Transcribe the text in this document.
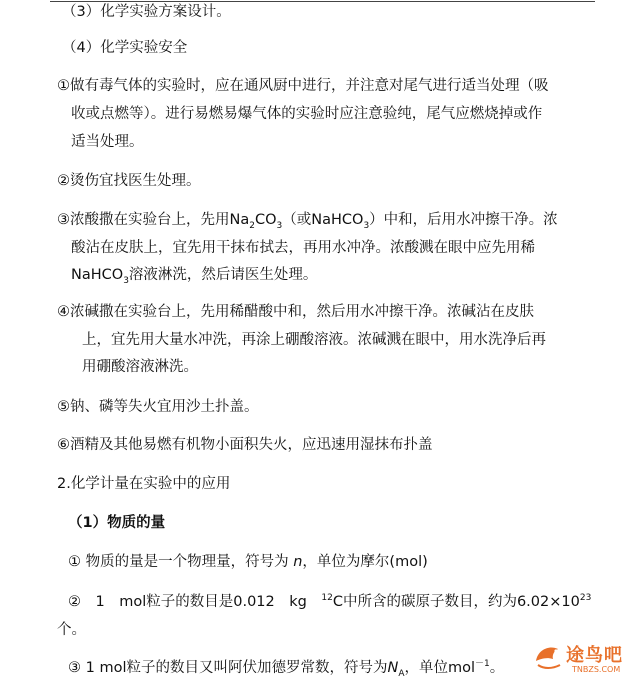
（3）化学实验方案设计。
（4）化学实验安全
①做有毒气体的实验时，应在通风厨中进行，并注意对尾气进行适当处理（吸
收或点燃等）。进行易燃易爆气体的实验时应注意验纯，尾气应燃烧掉或作
适当处理。
②烫伤宜找医生处理。
③浓酸撒在实验台上，先用$Na_2CO_3$（或NaHCO$_3$）中和，后用水冲擦干净。浓
酸沾在皮肤上，宜先用干抹布拭去，再用水冲净。浓酸溅在眼中应先用稀
NaHCO$_3$溶液淋洗，然后请医生处理。
④浓碱撒在实验台上，先用稀醋酸中和，然后用水冲擦干净。浓碱沾在皮肤
上，宜先用大量水冲洗，再涂上硼酸溶液。浓碱溅在眼中，用水洗净后再
用硼酸溶液淋洗。
⑤钠、磷等失火宜用沙土扑盖。
⑥酒精及其他易燃有机物小面积失火，应迅速用湿抹布扑盖
2.化学计量在实验中的应用
（1）物质的量
① 物质的量是一个物理量，符号为 n，单位为摩尔(mol)
②　1　mol粒子的数目是0.012　kg　$^{12}$C中所含的碳原子数目，约为$6.02\times 10^{23}$
个。
③ 1 mol粒子的数目又叫阿伏加德罗常数，符号为$N_A$，单位mol$^{-1}$。
途鸟吧
TNBZS.COM
